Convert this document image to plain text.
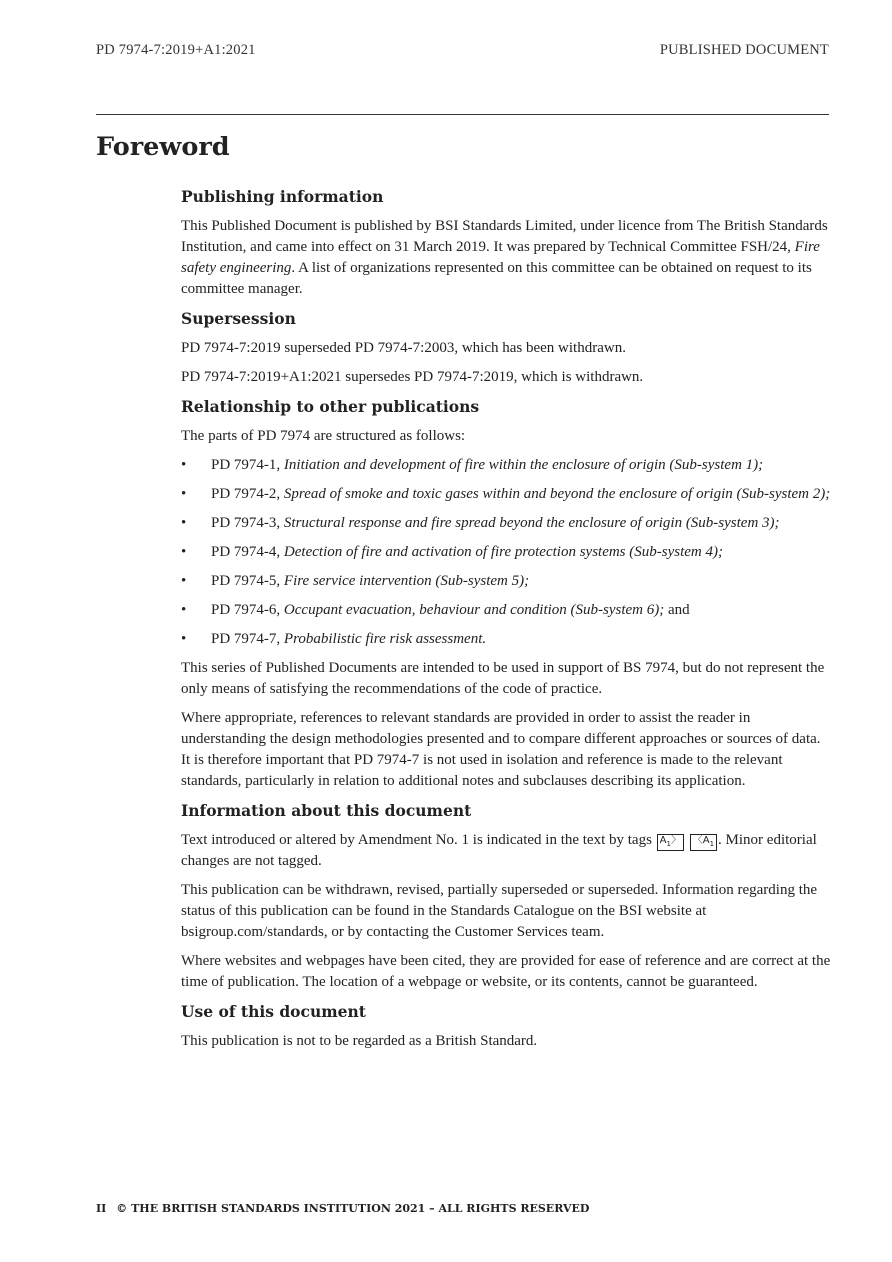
PD 7974-7:2019+A1:2021	PUBLISHED DOCUMENT
Foreword
Publishing information

This Published Document is published by BSI Standards Limited, under licence from The British Standards Institution, and came into effect on 31 March 2019. It was prepared by Technical Committee FSH/24, Fire safety engineering. A list of organizations represented on this committee can be obtained on request to its committee manager.

Supersession

PD 7974-7:2019 superseded PD 7974-7:2003, which has been withdrawn.

PD 7974-7:2019+A1:2021 supersedes PD 7974-7:2019, which is withdrawn.

Relationship to other publications

The parts of PD 7974 are structured as follows:

• PD 7974-1, Initiation and development of fire within the enclosure of origin (Sub-system 1);
• PD 7974-2, Spread of smoke and toxic gases within and beyond the enclosure of origin (Sub-system 2);
• PD 7974-3, Structural response and fire spread beyond the enclosure of origin (Sub-system 3);
• PD 7974-4, Detection of fire and activation of fire protection systems (Sub-system 4);
• PD 7974-5, Fire service intervention (Sub-system 5);
• PD 7974-6, Occupant evacuation, behaviour and condition (Sub-system 6); and
• PD 7974-7, Probabilistic fire risk assessment.

This series of Published Documents are intended to be used in support of BS 7974, but do not represent the only means of satisfying the recommendations of the code of practice.

Where appropriate, references to relevant standards are provided in order to assist the reader in understanding the design methodologies presented and to compare different approaches or sources of data. It is therefore important that PD 7974-7 is not used in isolation and reference is made to the relevant standards, particularly in relation to additional notes and subclauses describing its application.

Information about this document

Text introduced or altered by Amendment No. 1 is indicated in the text by tags $A_1〉$ $〈A_1$ . Minor editorial changes are not tagged.

This publication can be withdrawn, revised, partially superseded or superseded. Information regarding the status of this publication can be found in the Standards Catalogue on the BSI website at bsigroup.com/standards, or by contacting the Customer Services team.

Where websites and webpages have been cited, they are provided for ease of reference and are correct at the time of publication. The location of a webpage or website, or its contents, cannot be guaranteed.

Use of this document

This publication is not to be regarded as a British Standard.

II © THE BRITISH STANDARDS INSTITUTION 2021 – ALL RIGHTS RESERVED
